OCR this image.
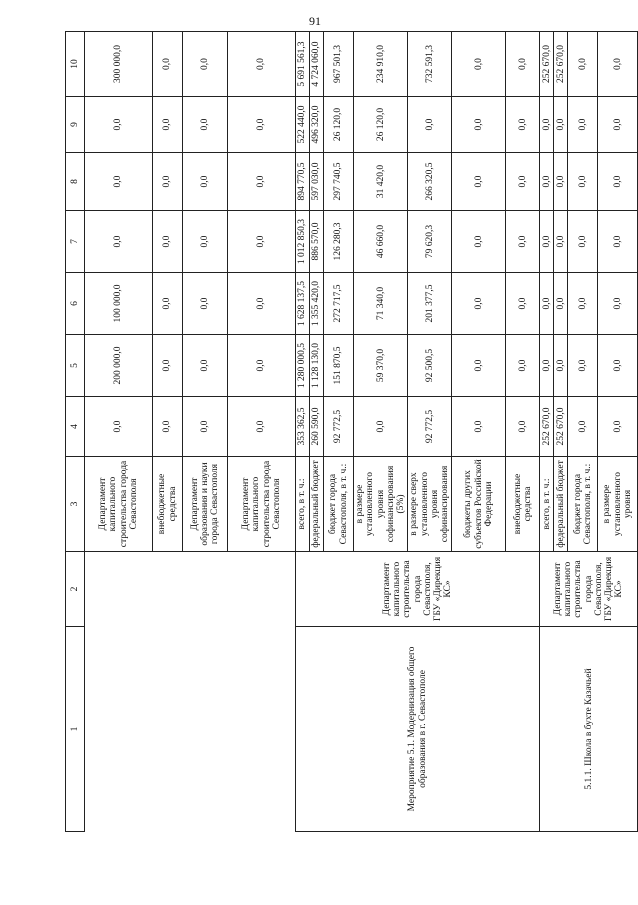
91
1	2	3	4	5	6	7	8	9	10
		Департамент капитального строительства города Севастополя	0,0	200 000,0	100 000,0	0,0	0,0	0,0	300 000,0
		внебюджетные средства	0,0	0,0	0,0	0,0	0,0	0,0	0,0
		Департамент образования и науки города Севастополя	0,0	0,0	0,0	0,0	0,0	0,0	0,0
		Департамент капитального строительства города Севастополя	0,0	0,0	0,0	0,0	0,0	0,0	0,0
Мероприятие 5.1. Модернизация общего образования в г. Севастополе	Департамент капитального строительства города Севастополя, ГБУ «Дирекция КС»	всего, в т. ч.:	353 362,5	1 280 000,5	1 628 137,5	1 012 850,3	894 770,5	522 440,0	5 691 561,3
		федеральный бюджет	260 590,0	1 128 130,0	1 355 420,0	886 570,0	597 030,0	496 320,0	4 724 060,0
		бюджет города Севастополя, в т. ч.:	92 772,5	151 870,5	272 717,5	126 280,3	297 740,5	26 120,0	967 501,3
		в размере установленного уровня софинансирования (5%)	0,0	59 370,0	71 340,0	46 660,0	31 420,0	26 120,0	234 910,0
		в размере сверх установленного уровня софинансирования	92 772,5	92 500,5	201 377,5	79 620,3	266 320,5	0,0	732 591,3
		бюджеты других субъектов Российской Федерации	0,0	0,0	0,0	0,0	0,0	0,0	0,0
		внебюджетные средства	0,0	0,0	0,0	0,0	0,0	0,0	0,0
5.1.1. Школа в бухте Казачьей	Департамент капитального строительства города Севастополя, ГБУ «Дирекция КС»	всего, в т. ч.:	252 670,0	0,0	0,0	0,0	0,0	0,0	252 670,0
		федеральный бюджет	252 670,0	0,0	0,0	0,0	0,0	0,0	252 670,0
		бюджет города Севастополя, в т. ч.:	0,0	0,0	0,0	0,0	0,0	0,0	0,0
		в размере установленного уровня	0,0	0,0	0,0	0,0	0,0	0,0	0,0
